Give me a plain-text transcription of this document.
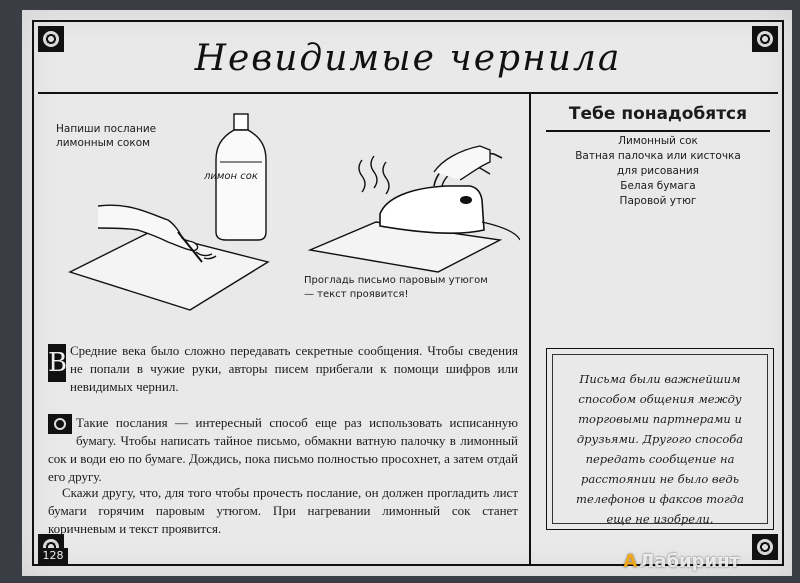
Невидимые чернила
Напиши послание лимонным соком
лимон сок
Прогладь письмо паровым утюгом — текст проявится!
В Средние века было сложно передавать секретные сообщения. Чтобы сведения не попали в чужие руки, авторы писем прибегали к помощи шифров или невидимых чернил.
Такие послания — интересный способ еще раз использовать исписанную бумагу. Чтобы написать тайное письмо, обмакни ватную палочку в лимонный сок и води ею по бумаге. Дождись, пока письмо полностью просохнет, а затем отдай его другу.
Скажи другу, что, для того чтобы прочесть послание, он должен прогладить лист бумаги горячим паровым утюгом. При нагревании лимонный сок станет коричневым и текст проявится.
128
Тебе понадобятся
Лимонный сок
Ватная палочка или кисточка
для рисования
Белая бумага
Паровой утюг
Письма были важнейшим способом общения между торговыми партнерами и друзьями. Другого способа передать сообщение на расстоянии не было ведь телефонов и факсов тогда еще не изобрели.
А Лабиринт
